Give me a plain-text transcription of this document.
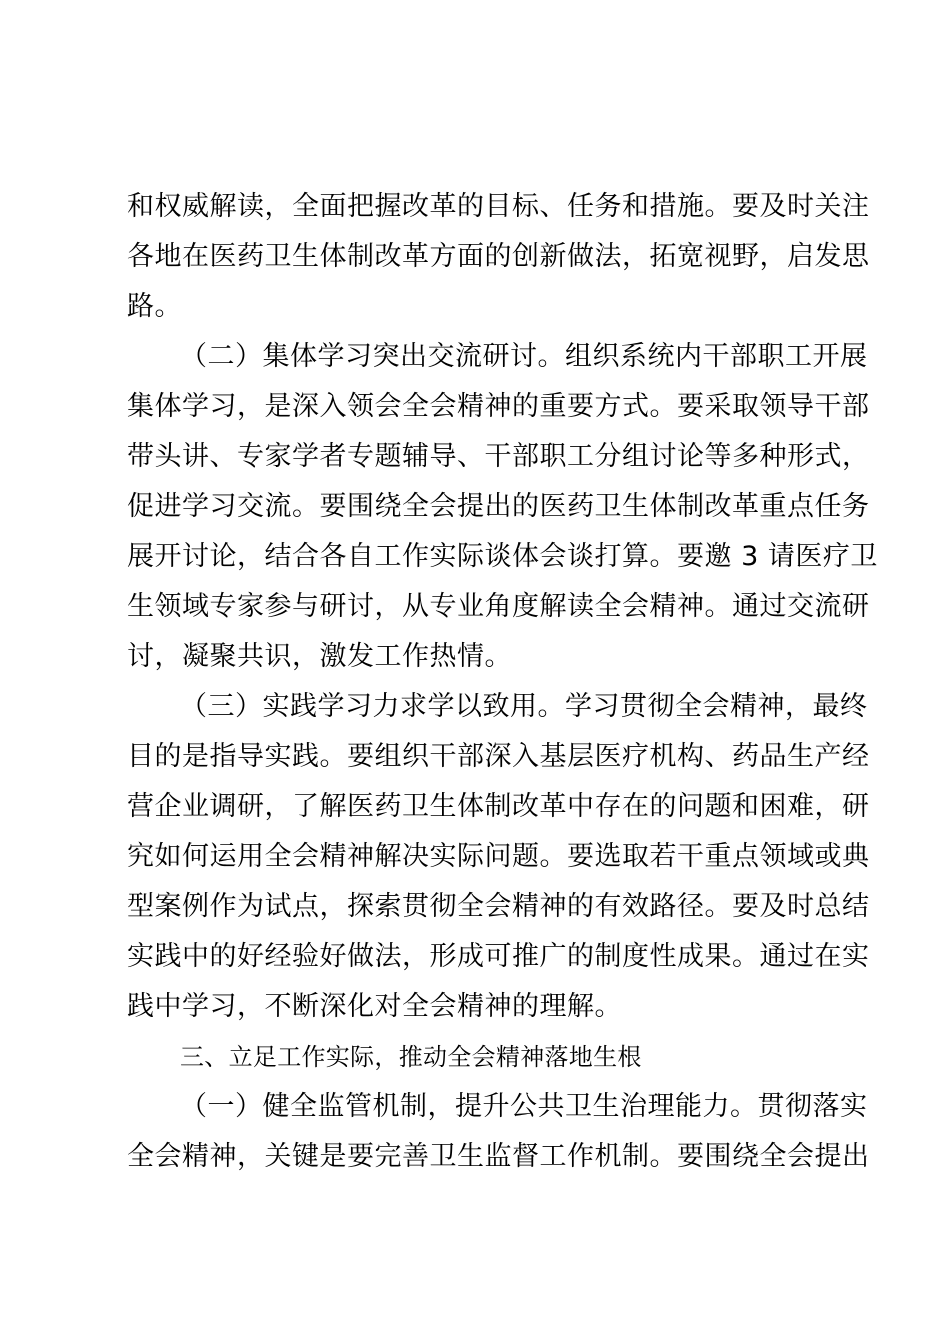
和权威解读，全面把握改革的目标、任务和措施。要及时关注
各地在医药卫生体制改革方面的创新做法，拓宽视野，启发思
路。
（二）集体学习突出交流研讨。组织系统内干部职工开展
集体学习，是深入领会全会精神的重要方式。要采取领导干部
带头讲、专家学者专题辅导、干部职工分组讨论等多种形式，
促进学习交流。要围绕全会提出的医药卫生体制改革重点任务
展开讨论，结合各自工作实际谈体会谈打算。要邀 3 请医疗卫
生领域专家参与研讨，从专业角度解读全会精神。通过交流研
讨，凝聚共识，激发工作热情。
（三）实践学习力求学以致用。学习贯彻全会精神，最终
目的是指导实践。要组织干部深入基层医疗机构、药品生产经
营企业调研，了解医药卫生体制改革中存在的问题和困难，研
究如何运用全会精神解决实际问题。要选取若干重点领域或典
型案例作为试点，探索贯彻全会精神的有效路径。要及时总结
实践中的好经验好做法，形成可推广的制度性成果。通过在实
践中学习，不断深化对全会精神的理解。
三、立足工作实际，推动全会精神落地生根
（一）健全监管机制，提升公共卫生治理能力。贯彻落实
全会精神，关键是要完善卫生监督工作机制。要围绕全会提出
